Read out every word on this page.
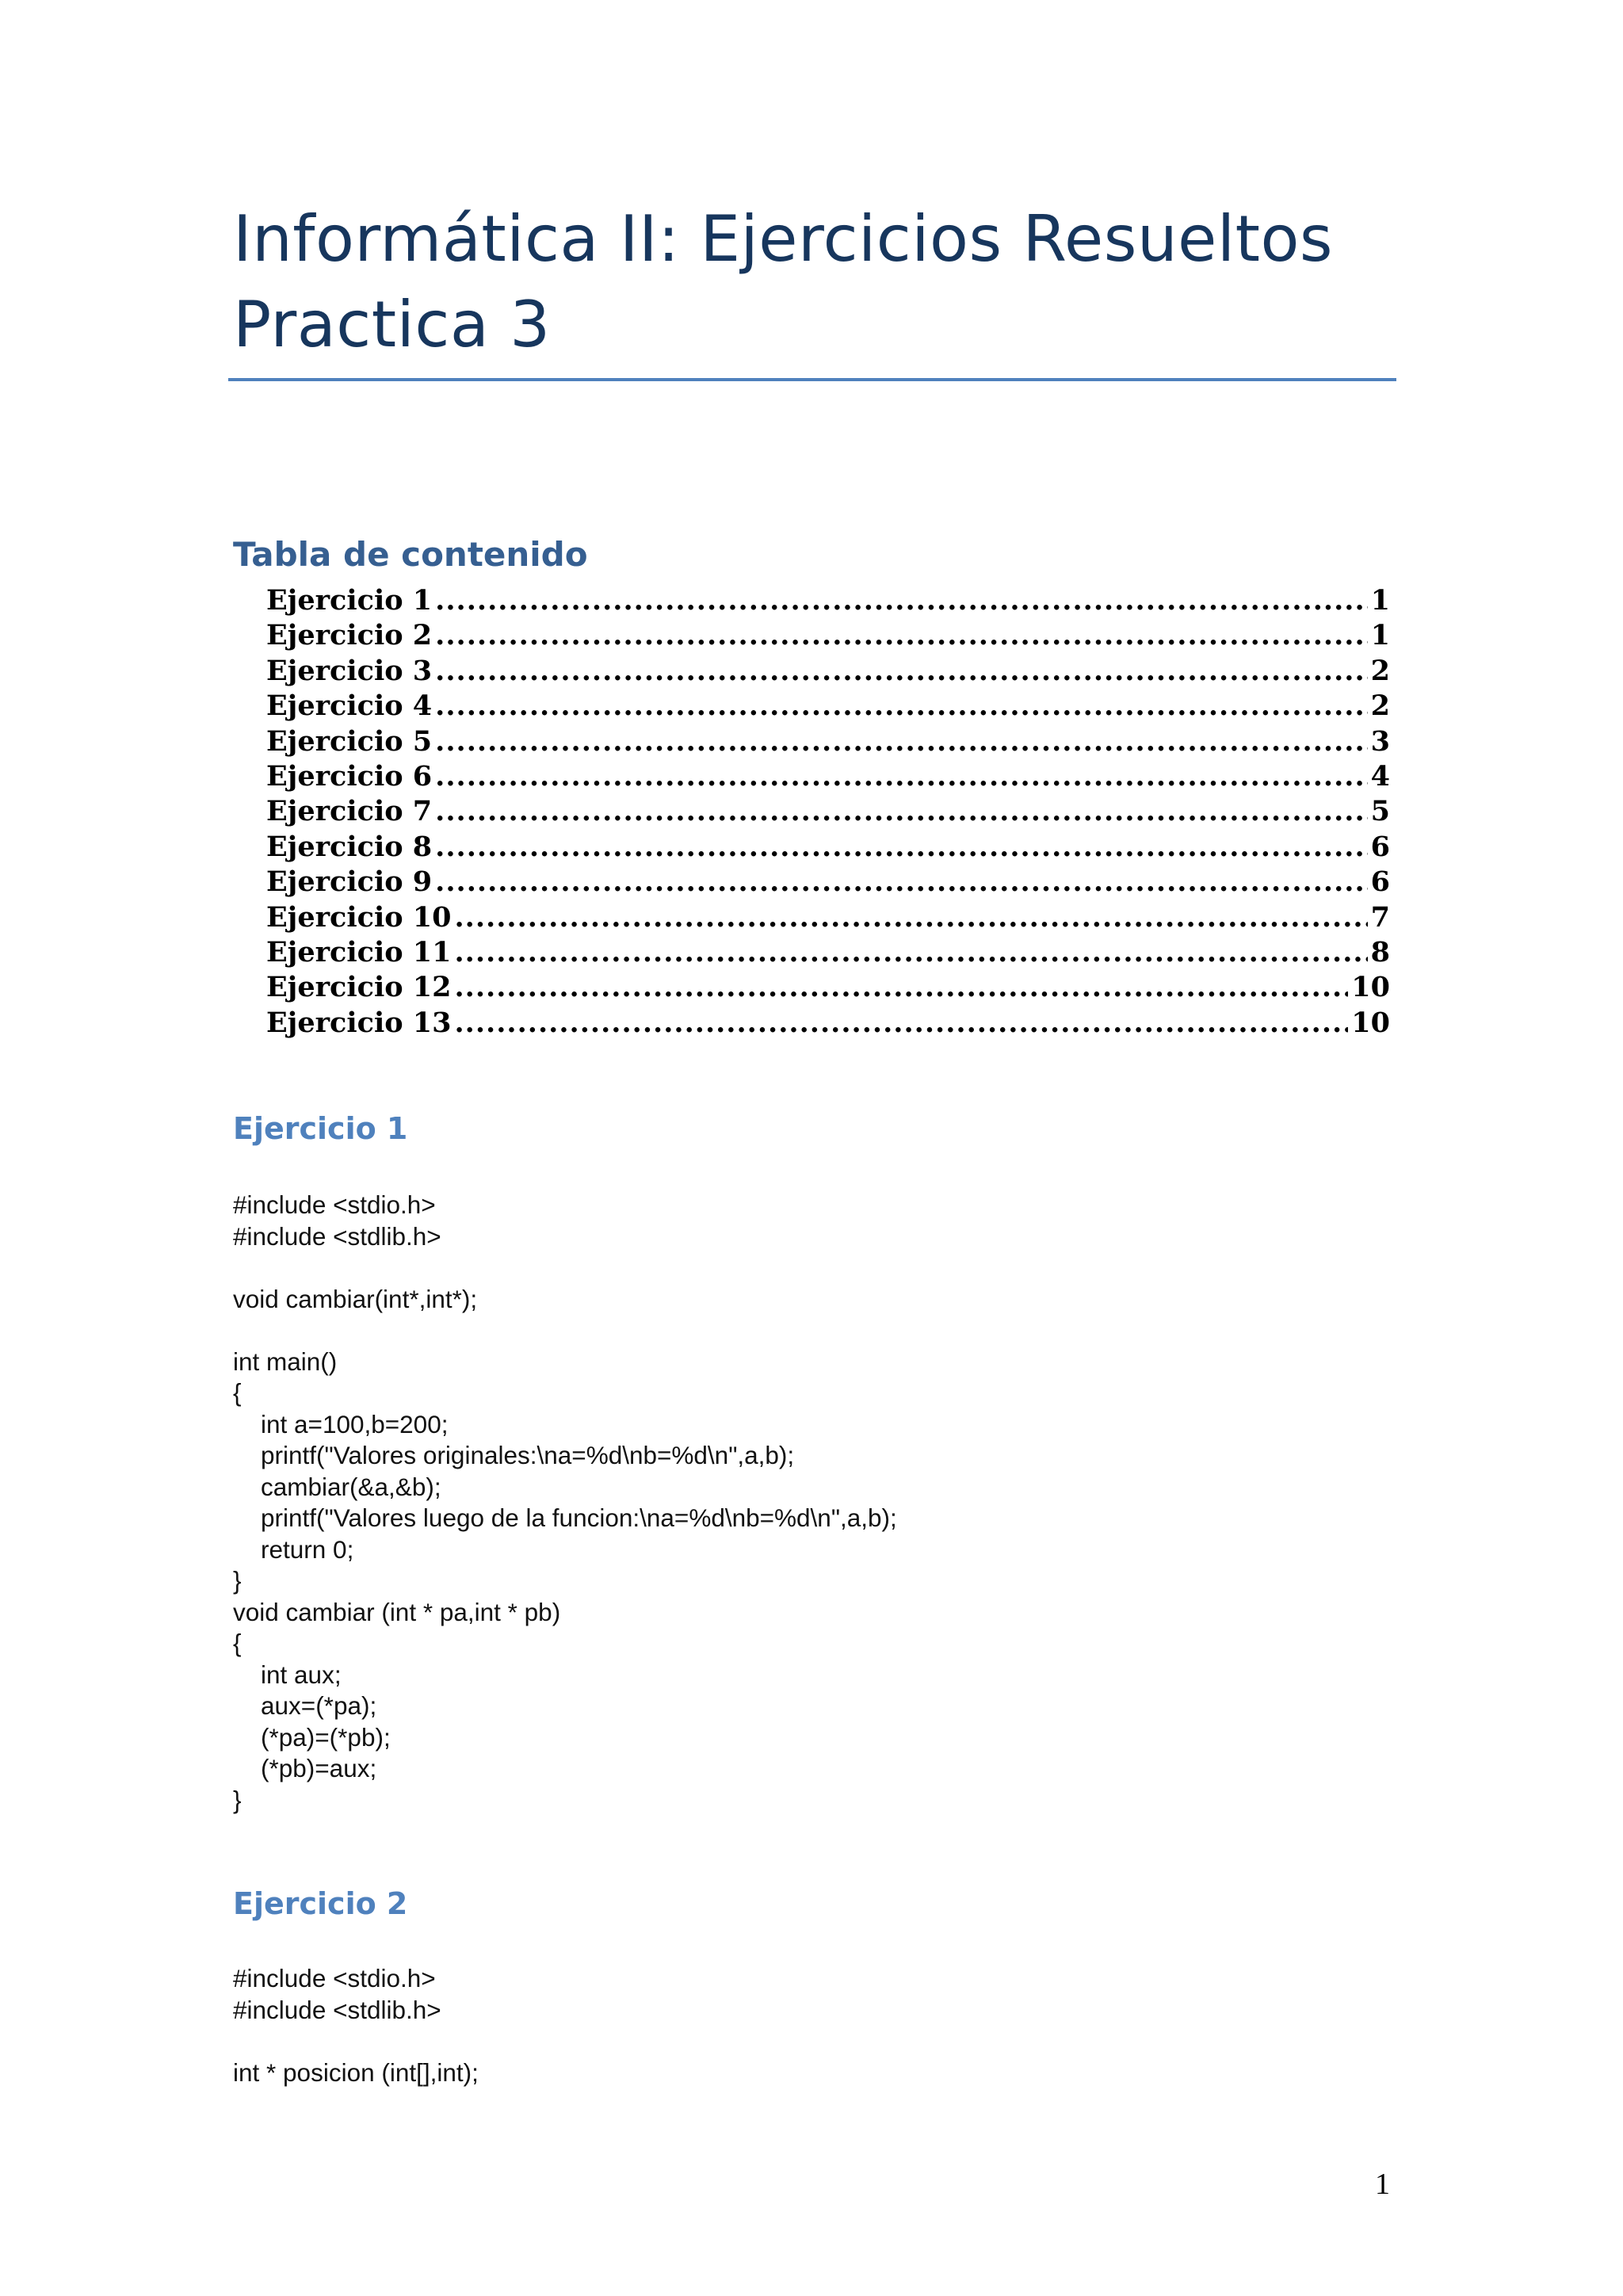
Informática II: Ejercicios Resueltos
Practica 3
Tabla de contenido
Ejercicio 1 .....	1
Ejercicio 2 .....	1
Ejercicio 3 .....	2
Ejercicio 4 .....	2
Ejercicio 5 .....	3
Ejercicio 6 .....	4
Ejercicio 7 .....	5
Ejercicio 8 .....	6
Ejercicio 9 .....	6
Ejercicio 10 .....	7
Ejercicio 11 .....	8
Ejercicio 12 .....	10
Ejercicio 13 .....	10
Ejercicio 1
#include <stdio.h>
#include <stdlib.h>

void cambiar(int*,int*);

int main()
{
int a=100,b=200;
printf("Valores originales:\na=%d\nb=%d\n",a,b);
cambiar(&a,&b);
printf("Valores luego de la funcion:\na=%d\nb=%d\n",a,b);
return 0;
}
void cambiar (int * pa,int * pb)
{
int aux;
aux=(*pa);
(*pa)=(*pb);
(*pb)=aux;
}
Ejercicio 2
#include <stdio.h>
#include <stdlib.h>

int * posicion (int[],int);
1
